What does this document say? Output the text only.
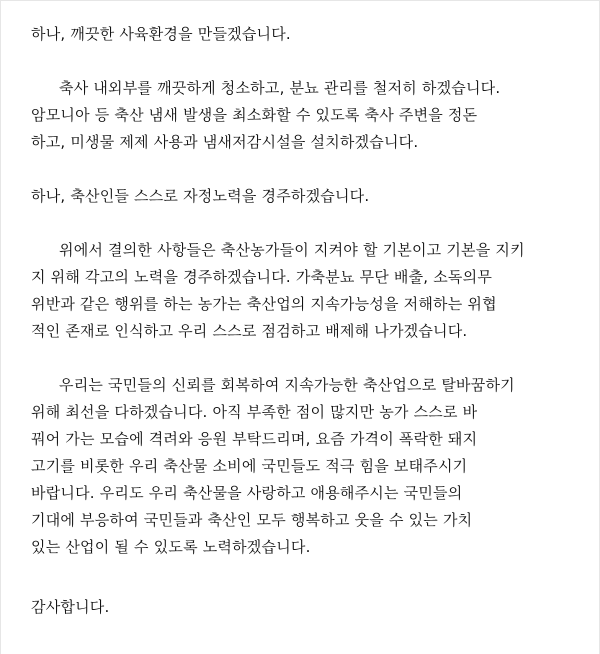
하나, 깨끗한 사육환경을 만들겠습니다.
축사 내외부를 깨끗하게 청소하고, 분뇨 관리를 철저히 하겠습니다.
암모니아 등 축산 냄새 발생을 최소화할 수 있도록 축사 주변을 정돈
하고, 미생물 제제 사용과 냄새저감시설을 설치하겠습니다.
하나, 축산인들 스스로 자정노력을 경주하겠습니다.
위에서 결의한 사항들은 축산농가들이 지켜야 할 기본이고 기본을 지키
지 위해 각고의 노력을 경주하겠습니다. 가축분뇨 무단 배출, 소독의무
위반과 같은 행위를 하는 농가는 축산업의 지속가능성을 저해하는 위협
적인 존재로 인식하고 우리 스스로 점검하고 배제해 나가겠습니다.
우리는 국민들의 신뢰를 회복하여 지속가능한 축산업으로 탈바꿈하기
위해 최선을 다하겠습니다. 아직 부족한 점이 많지만 농가 스스로 바
꿔어 가는 모습에 격려와 응원 부탁드리며, 요즘 가격이 폭락한 돼지
고기를 비롯한 우리 축산물 소비에 국민들도 적극 힘을 보태주시기
바랍니다. 우리도 우리 축산물을 사랑하고 애용해주시는 국민들의
기대에 부응하여 국민들과 축산인 모두 행복하고 웃을 수 있는 가치
있는 산업이 될 수 있도록 노력하겠습니다.
감사합니다.
